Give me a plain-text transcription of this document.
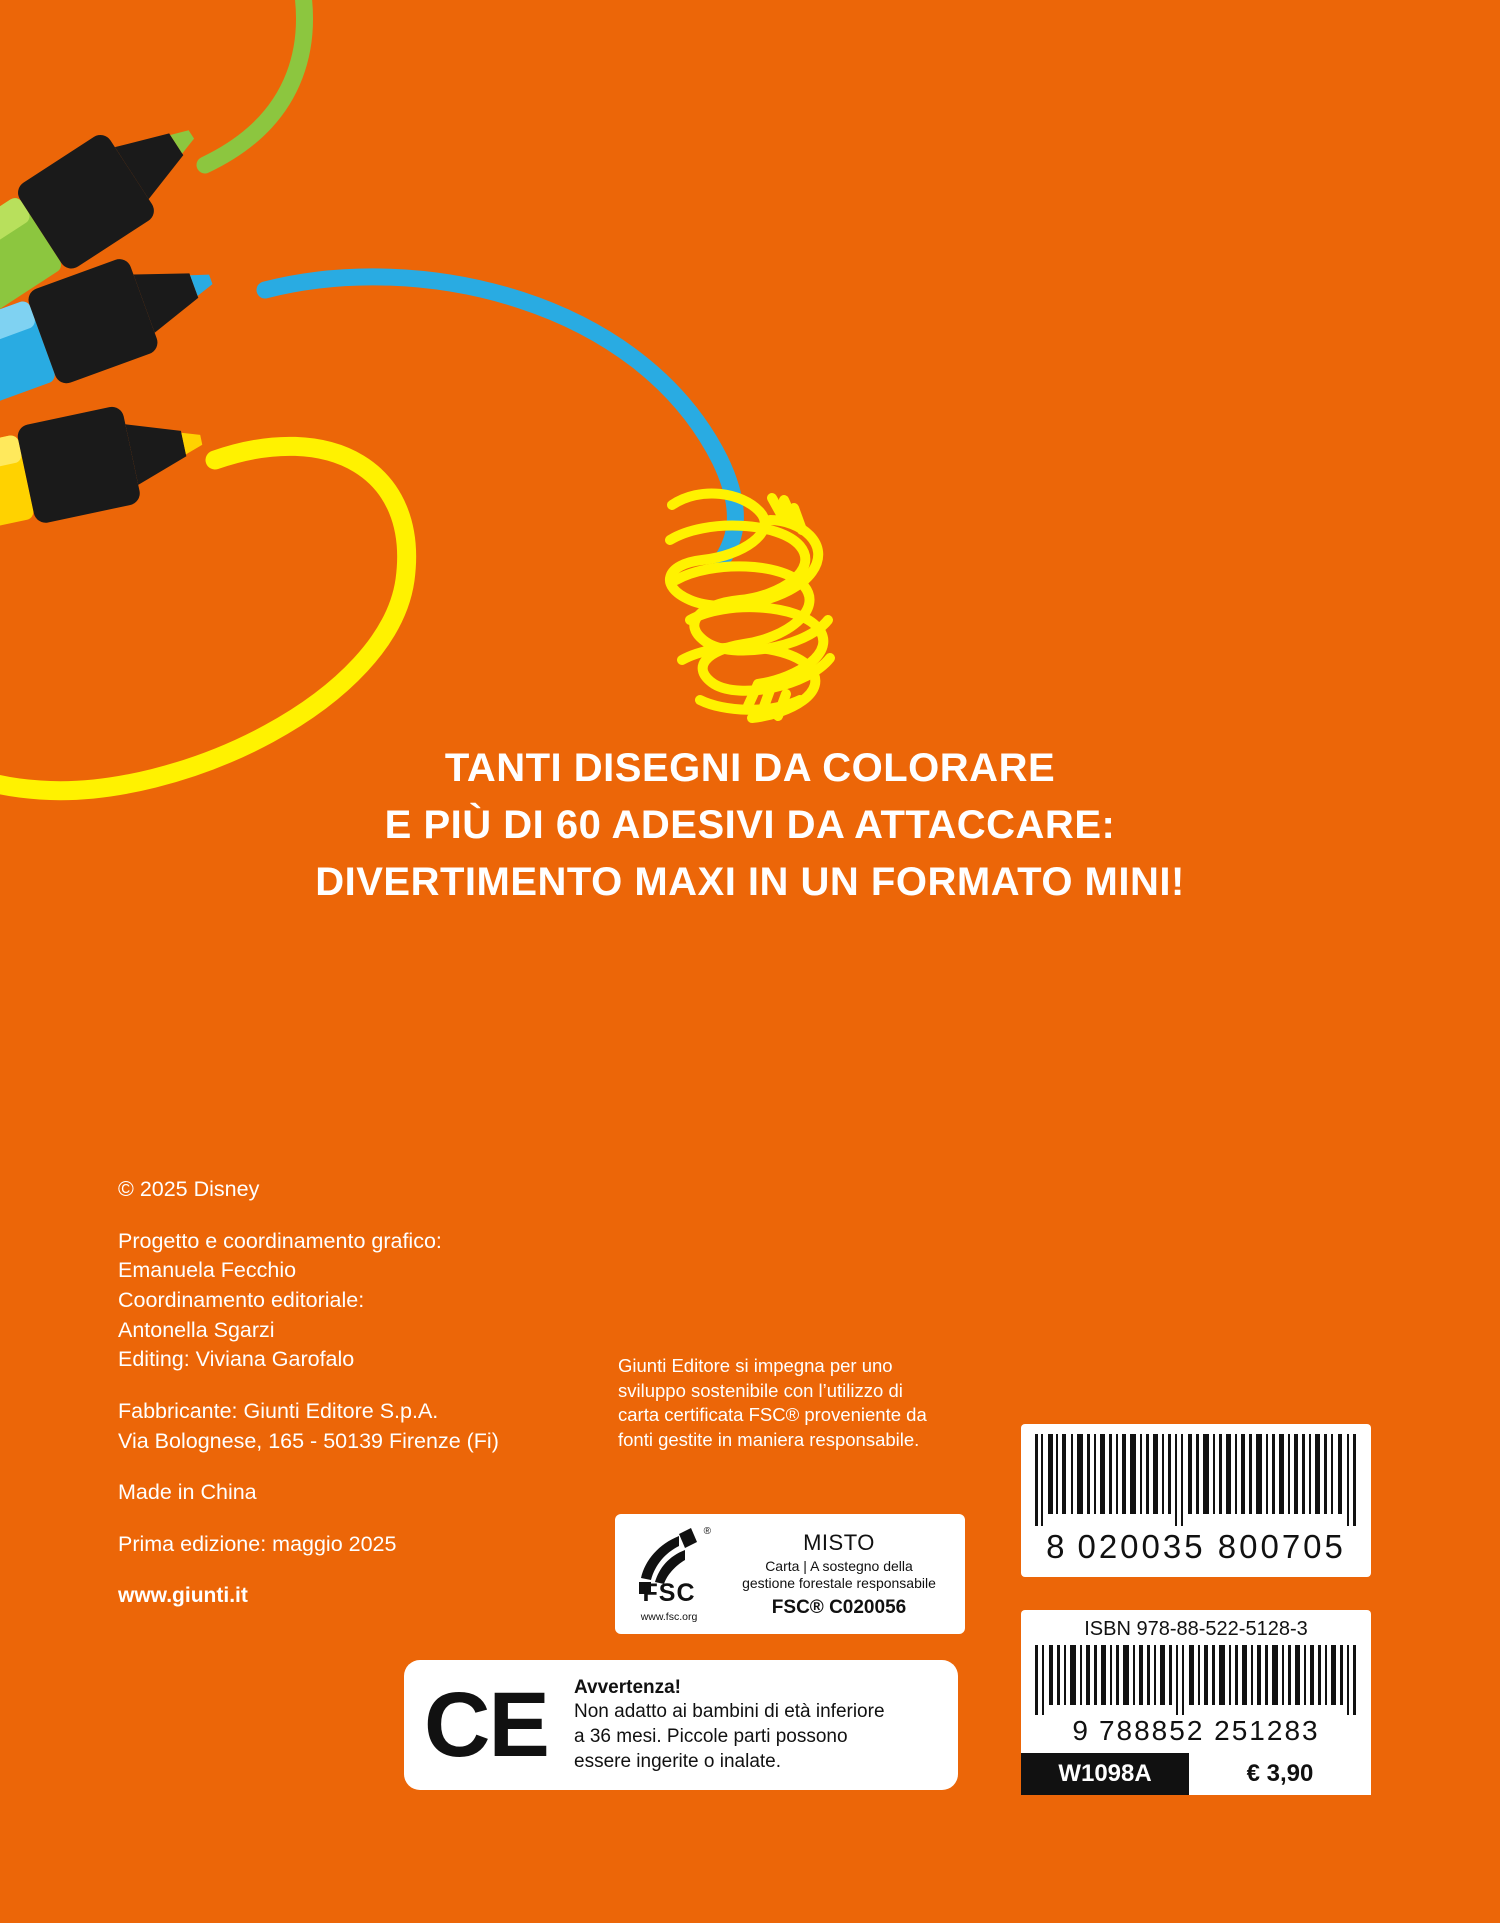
TANTI DISEGNI DA COLORARE
E PIÙ DI 60 ADESIVI DA ATTACCARE:
DIVERTIMENTO MAXI IN UN FORMATO MINI!
© 2025 Disney
Progetto e coordinamento grafico:
Emanuela Fecchio
Coordinamento editoriale:
Antonella Sgarzi
Editing: Viviana Garofalo
Fabbricante: Giunti Editore S.p.A.
Via Bolognese, 165 - 50139 Firenze (Fi)
Made in China
Prima edizione: maggio 2025
www.giunti.it
Giunti Editore si impegna per uno sviluppo sostenibile con l’utilizzo di carta certificata FSC® proveniente da fonti gestite in maniera responsabile.
®
FSC
www.fsc.org
MISTO
Carta | A sostegno della
gestione forestale responsabile
FSC® C020056
CE	Avvertenza!
Non adatto ai bambini di età inferiore
a 36 mesi. Piccole parti possono
essere ingerite o inalate.
8 020035 800705
ISBN 978-88-522-5128-3
9 788852 251283
W1098A	€ 3,90
